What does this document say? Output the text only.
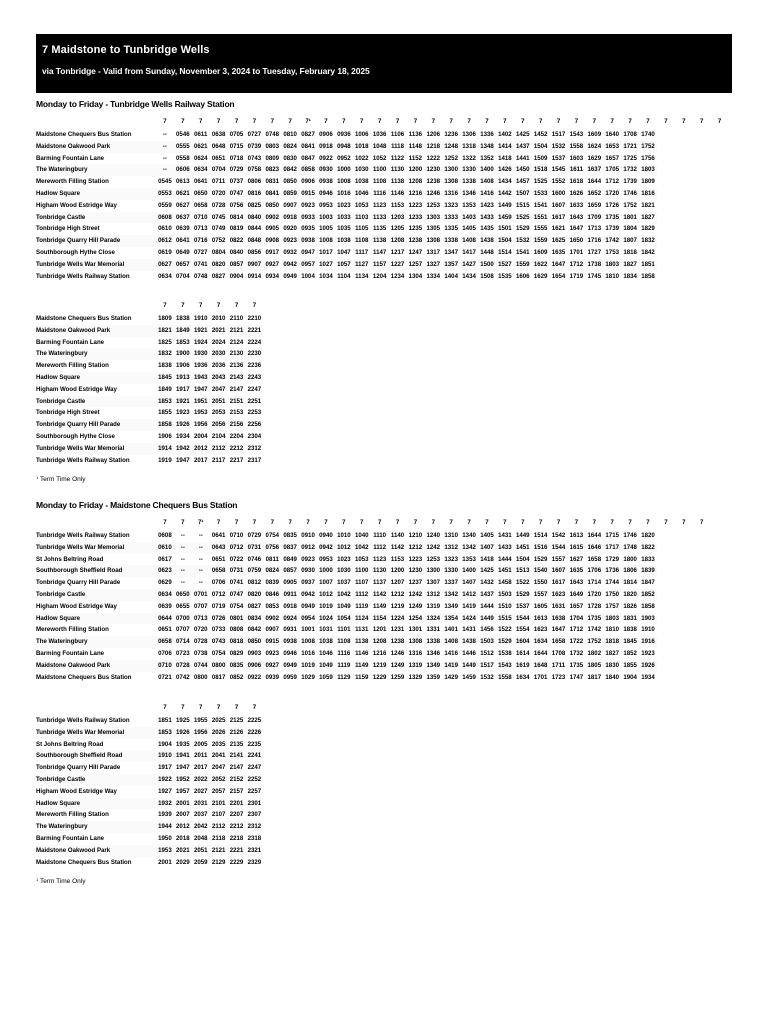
7 Maidstone to Tunbridge Wells

via Tonbridge - Valid from Sunday, November 3, 2024 to Tuesday, February 18, 2025

Monday to Friday - Tunbridge Wells Railway Station
	7	7	7	7	7	7	7	7	7¹	7	7	7	7	7	7	7	7	7	7	7	7	7	7	7	7	7	7	7	7	7	7	7
Maidstone Chequers Bus Station	--	0546	0611	0638	0705	0727	0748	0810	0827	0906	0936	1006	1036	1106	1136	1206	1236	1306	1336	1402	1425	1452	1517	1543	1609	1640	1708	1740				
Maidstone Oakwood Park	--	0555	0621	0648	0715	0739	0803	0824	0841	0918	0948	1018	1048	1118	1148	1218	1248	1318	1348	1414	1437	1504	1532	1558	1624	1653	1721	1752				
Barming Fountain Lane	--	0558	0624	0651	0718	0743	0809	0830	0847	0922	0952	1022	1052	1122	1152	1222	1252	1322	1352	1418	1441	1509	1537	1603	1629	1657	1725	1756				
The Wateringbury	--	0606	0634	0704	0729	0758	0823	0842	0858	0930	1000	1030	1100	1130	1200	1230	1300	1330	1400	1426	1450	1518	1545	1611	1637	1705	1732	1803				
Mereworth Filling Station	0545	0613	0641	0711	0737	0806	0831	0850	0906	0938	1008	1038	1108	1138	1208	1238	1308	1338	1408	1434	1457	1525	1552	1618	1644	1712	1739	1809				
Hadlow Square	0553	0621	0650	0720	0747	0816	0841	0859	0915	0946	1016	1046	1116	1146	1216	1246	1316	1346	1416	1442	1507	1533	1600	1626	1652	1720	1746	1816				
Higham Wood Estridge Way	0559	0627	0658	0728	0756	0825	0850	0907	0923	0953	1023	1053	1123	1153	1223	1253	1323	1353	1423	1449	1515	1541	1607	1633	1659	1726	1752	1821				
Tonbridge Castle	0608	0637	0710	0745	0814	0840	0902	0918	0933	1003	1033	1103	1133	1203	1233	1303	1333	1403	1433	1459	1525	1551	1617	1643	1709	1735	1801	1827				
Tonbridge High Street	0610	0639	0713	0749	0819	0844	0905	0920	0935	1005	1035	1105	1135	1205	1235	1305	1335	1405	1435	1501	1529	1555	1621	1647	1713	1739	1804	1829				
Tonbridge Quarry Hill Parade	0612	0641	0716	0752	0822	0848	0908	0923	0938	1008	1038	1108	1138	1208	1238	1308	1338	1408	1438	1504	1532	1559	1625	1650	1716	1742	1807	1832				
Southborough Hythe Close	0619	0649	0727	0804	0840	0856	0917	0932	0947	1017	1047	1117	1147	1217	1247	1317	1347	1417	1448	1514	1541	1609	1635	1701	1727	1753	1818	1842				
Tunbridge Wells War Memorial	0627	0657	0741	0820	0857	0907	0927	0942	0957	1027	1057	1127	1157	1227	1257	1327	1357	1427	1500	1527	1559	1622	1647	1712	1738	1803	1827	1851				
Tunbridge Wells Railway Station	0634	0704	0748	0827	0904	0914	0934	0949	1004	1034	1104	1134	1204	1234	1304	1334	1404	1434	1508	1535	1606	1629	1654	1719	1745	1810	1834	1858				
	7	7	7	7	7	7
Maidstone Chequers Bus Station	1809	1838	1910	2010	2110	2210
Maidstone Oakwood Park	1821	1849	1921	2021	2121	2221
Barming Fountain Lane	1825	1853	1924	2024	2124	2224
The Wateringbury	1832	1900	1930	2030	2130	2230
Mereworth Filling Station	1838	1906	1936	2036	2136	2236
Hadlow Square	1845	1913	1943	2043	2143	2243
Higham Wood Estridge Way	1849	1917	1947	2047	2147	2247
Tonbridge Castle	1853	1921	1951	2051	2151	2251
Tonbridge High Street	1855	1923	1953	2053	2153	2253
Tonbridge Quarry Hill Parade	1858	1926	1956	2056	2156	2256
Southborough Hythe Close	1906	1934	2004	2104	2204	2304
Tunbridge Wells War Memorial	1914	1942	2012	2112	2212	2312
Tunbridge Wells Railway Station	1919	1947	2017	2117	2217	2317
$^1$ Term Time Only
Monday to Friday - Maidstone Chequers Bus Station
	7	7	7¹	7	7	7	7	7	7	7	7	7	7	7	7	7	7	7	7	7	7	7	7	7	7	7	7	7	7	7	7
Tunbridge Wells Railway Station	0608	--	--	0641	0710	0729	0754	0835	0910	0940	1010	1040	1110	1140	1210	1240	1310	1340	1405	1431	1449	1514	1542	1613	1644	1715	1746	1820			
Tunbridge Wells War Memorial	0610	--	--	0643	0712	0731	0756	0837	0912	0942	1012	1042	1112	1142	1212	1242	1312	1342	1407	1433	1451	1516	1544	1615	1646	1717	1748	1822			
St Johns Beltring Road	0617	--	--	0651	0722	0746	0811	0849	0923	0953	1023	1053	1123	1153	1223	1253	1323	1353	1418	1444	1504	1529	1557	1627	1658	1729	1800	1833			
Southborough Sheffield Road	0623	--	--	0658	0731	0759	0824	0857	0930	1000	1030	1100	1130	1200	1230	1300	1330	1400	1425	1451	1513	1540	1607	1635	1706	1736	1806	1839			
Tonbridge Quarry Hill Parade	0629	--	--	0706	0741	0812	0839	0905	0937	1007	1037	1107	1137	1207	1237	1307	1337	1407	1432	1458	1522	1550	1617	1643	1714	1744	1814	1847			
Tonbridge Castle	0634	0650	0701	0712	0747	0820	0846	0911	0942	1012	1042	1112	1142	1212	1242	1312	1342	1412	1437	1503	1529	1557	1623	1649	1720	1750	1820	1852			
Higham Wood Estridge Way	0639	0655	0707	0719	0754	0827	0853	0918	0949	1019	1049	1119	1149	1219	1249	1319	1349	1419	1444	1510	1537	1605	1631	1657	1728	1757	1826	1858			
Hadlow Square	0644	0700	0713	0726	0801	0834	0902	0924	0954	1024	1054	1124	1154	1224	1254	1324	1354	1424	1449	1515	1544	1613	1638	1704	1735	1803	1831	1903			
Mereworth Filling Station	0651	0707	0720	0733	0808	0842	0907	0931	1001	1031	1101	1131	1201	1231	1301	1331	1401	1431	1456	1522	1554	1623	1647	1712	1742	1810	1838	1910			
The Wateringbury	0658	0714	0728	0743	0818	0850	0915	0938	1008	1038	1108	1138	1208	1238	1308	1338	1408	1438	1503	1529	1604	1634	1658	1722	1752	1818	1845	1916			
Barming Fountain Lane	0706	0723	0738	0754	0829	0903	0923	0946	1016	1046	1116	1146	1216	1246	1316	1346	1416	1446	1512	1538	1614	1644	1708	1732	1802	1827	1852	1923			
Maidstone Oakwood Park	0710	0728	0744	0800	0835	0906	0927	0949	1019	1049	1119	1149	1219	1249	1319	1349	1419	1449	1517	1543	1619	1648	1711	1735	1805	1830	1855	1926			
Maidstone Chequers Bus Station	0721	0742	0800	0817	0852	0922	0939	0959	1029	1059	1129	1159	1229	1259	1329	1359	1429	1459	1532	1558	1634	1701	1723	1747	1817	1840	1904	1934			
	7	7	7	7	7	7
Tunbridge Wells Railway Station	1851	1925	1955	2025	2125	2225
Tunbridge Wells War Memorial	1853	1926	1956	2026	2126	2226
St Johns Beltring Road	1904	1935	2005	2035	2135	2235
Southborough Sheffield Road	1910	1941	2011	2041	2141	2241
Tonbridge Quarry Hill Parade	1917	1947	2017	2047	2147	2247
Tonbridge Castle	1922	1952	2022	2052	2152	2252
Higham Wood Estridge Way	1927	1957	2027	2057	2157	2257
Hadlow Square	1932	2001	2031	2101	2201	2301
Mereworth Filling Station	1939	2007	2037	2107	2207	2307
The Wateringbury	1944	2012	2042	2112	2212	2312
Barming Fountain Lane	1950	2018	2048	2118	2218	2318
Maidstone Oakwood Park	1953	2021	2051	2121	2221	2321
Maidstone Chequers Bus Station	2001	2029	2059	2129	2229	2329
$^1$ Term Time Only
